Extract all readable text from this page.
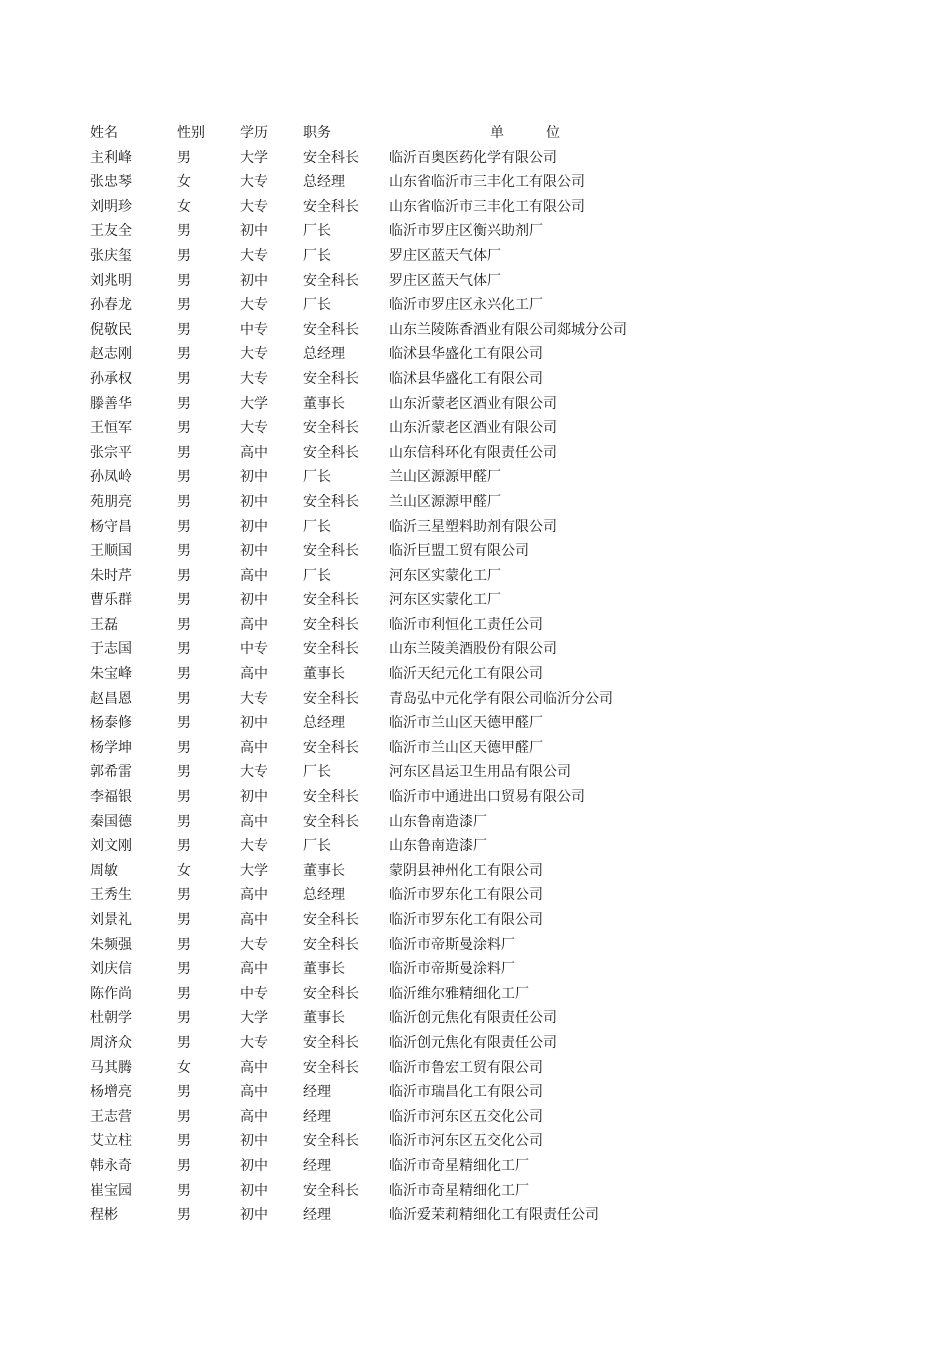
姓名	性别	学历	职务	单	位
主利峰	男	大学	安全科长 临沂百奥医药化学有限公司
张忠琴	女	大专	总经理	山东省临沂市三丰化工有限公司
刘明珍	女	大专	安全科长 山东省临沂市三丰化工有限公司
王友全	男	初中	厂长	临沂市罗庄区衡兴助剂厂
张庆玺	男	大专	厂长	罗庄区蓝天气体厂
刘兆明	男	初中	安全科长 罗庄区蓝天气体厂
孙春龙	男	大专	厂长	临沂市罗庄区永兴化工厂
倪敬民	男	中专	安全科长 山东兰陵陈香酒业有限公司郯城分公司
赵志刚	男	大专	总经理	临沭县华盛化工有限公司
孙承权	男	大专	安全科长 临沭县华盛化工有限公司
滕善华	男	大学	董事长	山东沂蒙老区酒业有限公司
王恒军	男	大专	安全科长 山东沂蒙老区酒业有限公司
张宗平	男	高中	安全科长 山东信科环化有限责任公司
孙凤岭	男	初中	厂长	兰山区源源甲醛厂
苑朋亮	男	初中	安全科长 兰山区源源甲醛厂
杨守昌	男	初中	厂长	临沂三星塑料助剂有限公司
王顺国	男	初中	安全科长 临沂巨盟工贸有限公司
朱时芹	男	高中	厂长	河东区实蒙化工厂
曹乐群	男	初中	安全科长 河东区实蒙化工厂
王磊	男	高中	安全科长 临沂市利恒化工责任公司
于志国	男	中专	安全科长 山东兰陵美酒股份有限公司
朱宝峰	男	高中	董事长	临沂天纪元化工有限公司
赵昌恩	男	大专	安全科长 青岛弘中元化学有限公司临沂分公司
杨泰修	男	初中	总经理	临沂市兰山区天德甲醛厂
杨学坤	男	高中	安全科长 临沂市兰山区天德甲醛厂
郭希雷	男	大专	厂长	河东区昌运卫生用品有限公司
李福银	男	初中	安全科长 临沂市中通进出口贸易有限公司
秦国德	男	高中	安全科长 山东鲁南造漆厂
刘文刚	男	大专	厂长	山东鲁南造漆厂
周敏	女	大学	董事长	蒙阴县神州化工有限公司
王秀生	男	高中	总经理	临沂市罗东化工有限公司
刘景礼	男	高中	安全科长 临沂市罗东化工有限公司
朱频强	男	大专	安全科长 临沂市帝斯曼涂料厂
刘庆信	男	高中	董事长	临沂市帝斯曼涂料厂
陈作尚	男	中专	安全科长 临沂维尔雅精细化工厂
杜朝学	男	大学	董事长	临沂创元焦化有限责任公司
周济众	男	大专	安全科长 临沂创元焦化有限责任公司
马其腾	女	高中	安全科长 临沂市鲁宏工贸有限公司
杨增亮	男	高中	经理	临沂市瑞昌化工有限公司
王志营	男	高中	经理	临沂市河东区五交化公司
艾立柱	男	初中	安全科长 临沂市河东区五交化公司
韩永奇	男	初中	经理	临沂市奇星精细化工厂
崔宝园	男	初中	安全科长 临沂市奇星精细化工厂
程彬	男	初中	经理	临沂爱茉莉精细化工有限责任公司
